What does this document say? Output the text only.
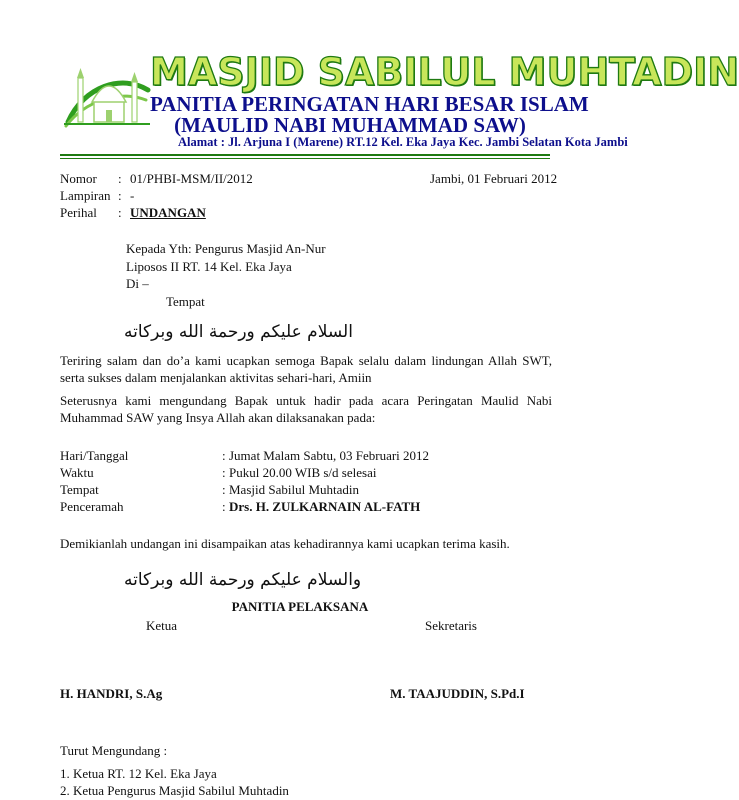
MASJID SABILUL MUHTADIN
PANITIA PERINGATAN HARI BESAR ISLAM
(MAULID NABI MUHAMMAD SAW)
Alamat : Jl. Arjuna I (Marene) RT.12 Kel. Eka Jaya Kec. Jambi Selatan Kota Jambi
Nomor : 01/PHBI-MSM/II/2012	Jambi, 01 Februari 2012
Lampiran : -
Perihal : UNDANGAN
Kepada Yth: Pengurus Masjid An-Nur
Liposos II RT. 14 Kel. Eka Jaya
Di –
Tempat
السلام عليكم ورحمة الله وبركاته
Teriring salam dan do’a kami ucapkan semoga Bapak selalu dalam lindungan Allah SWT, serta sukses dalam menjalankan aktivitas sehari-hari, Amiin
Seterusnya kami mengundang Bapak untuk hadir pada acara Peringatan Maulid Nabi Muhammad SAW yang Insya Allah akan dilaksanakan pada:
Hari/Tanggal	: Jumat Malam Sabtu, 03 Februari 2012
Waktu	: Pukul 20.00 WIB s/d selesai
Tempat	: Masjid Sabilul Muhtadin
Penceramah	: Drs. H. ZULKARNAIN AL-FATH
Demikianlah undangan ini disampaikan atas kehadirannya kami ucapkan terima kasih.
والسلام عليكم ورحمة الله وبركاته
PANITIA PELAKSANA
Ketua	Sekretaris
H. HANDRI, S.Ag	M. TAAJUDDIN, S.Pd.I
Turut Mengundang :
1. Ketua RT. 12 Kel. Eka Jaya
2. Ketua Pengurus Masjid Sabilul Muhtadin
